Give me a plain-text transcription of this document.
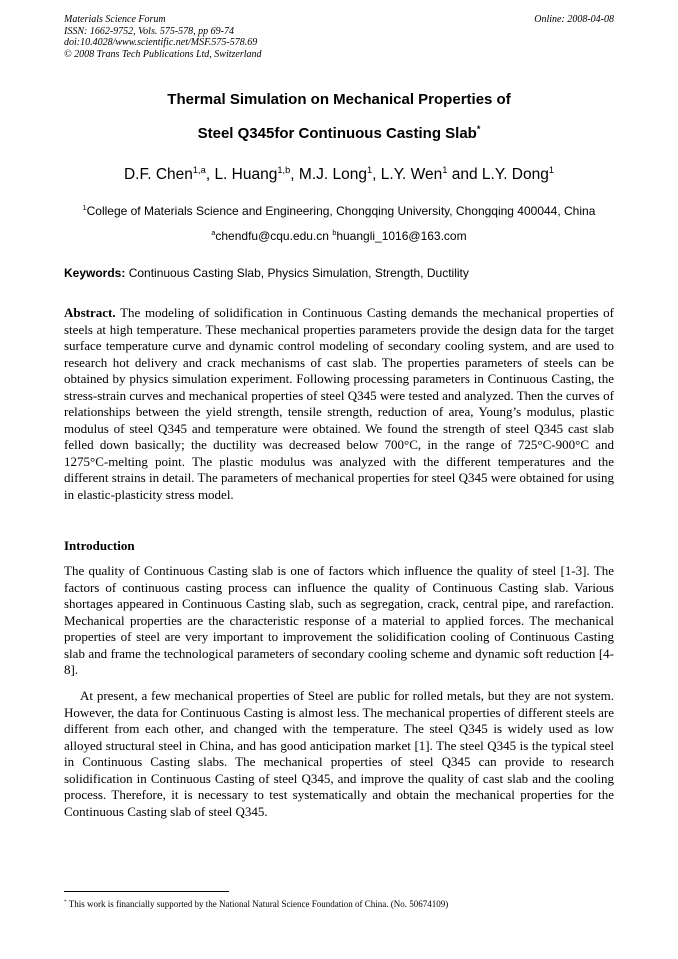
Materials Science Forum
ISSN: 1662-9752, Vols. 575-578, pp 69-74
doi:10.4028/www.scientific.net/MSF.575-578.69
© 2008 Trans Tech Publications Ltd, Switzerland
Online: 2008-04-08
Thermal Simulation on Mechanical Properties of
Steel Q345for Continuous Casting Slab*
D.F. Chen$^{1,a}$, L. Huang$^{1,b}$, M.J. Long$^1$, L.Y. Wen$^1$ and L.Y. Dong$^1$
$^1$College of Materials Science and Engineering, Chongqing University, Chongqing 400044, China
$^a$chendfu@cqu.edu.cn $^b$huangli_1016@163.com
Keywords: Continuous Casting Slab, Physics Simulation, Strength, Ductility

Abstract. The modeling of solidification in Continuous Casting demands the mechanical properties of steels at high temperature. These mechanical properties parameters provide the design data for the target surface temperature curve and dynamic control modeling of secondary cooling system, and are used to research hot delivery and crack mechanisms of cast slab. The properties parameters of steels can be obtained by physics simulation experiment. Following processing parameters in Continuous Casting, the stress-strain curves and mechanical properties of steel Q345 were tested and analyzed. Then the curves of relationships between the yield strength, tensile strength, reduction of area, Young’s modulus, plastic modulus of steel Q345 and temperature were obtained. We found the strength of steel Q345 cast slab felled down basically; the ductility was decreased below 700°C, in the range of 725°C-900°C and 1275°C-melting point. The plastic modulus was analyzed with the different temperatures and the different strains in detail. The parameters of mechanical properties for steel Q345 were obtained for using in elastic-plasticity stress model.

Introduction

The quality of Continuous Casting slab is one of factors which influence the quality of steel [1-3]. The factors of continuous casting process can influence the quality of Continuous Casting slab. Various shortages appeared in Continuous Casting slab, such as segregation, crack, central pipe, and rarefaction. Mechanical properties are the characteristic response of a material to applied forces. The mechanical properties of steel are very important to improvement the solidification cooling of Continuous Casting slab and frame the technological parameters of secondary cooling scheme and dynamic soft reduction [4-8].

At present, a few mechanical properties of Steel are public for rolled metals, but they are not system. However, the data for Continuous Casting is almost less. The mechanical properties of different steels are different from each other, and changed with the temperature. The steel Q345 is widely used as low alloyed structural steel in China, and has good anticipation market [1]. The steel Q345 is the typical steel in Continuous Casting slabs. The mechanical properties of steel Q345 can provide to research solidification in Continuous Casting of steel Q345, and improve the quality of cast slab and the cooling process. Therefore, it is necessary to test systematically and obtain the mechanical properties for the Continuous Casting slab of steel Q345.

* This work is financially supported by the National Natural Science Foundation of China. (No. 50674109)
